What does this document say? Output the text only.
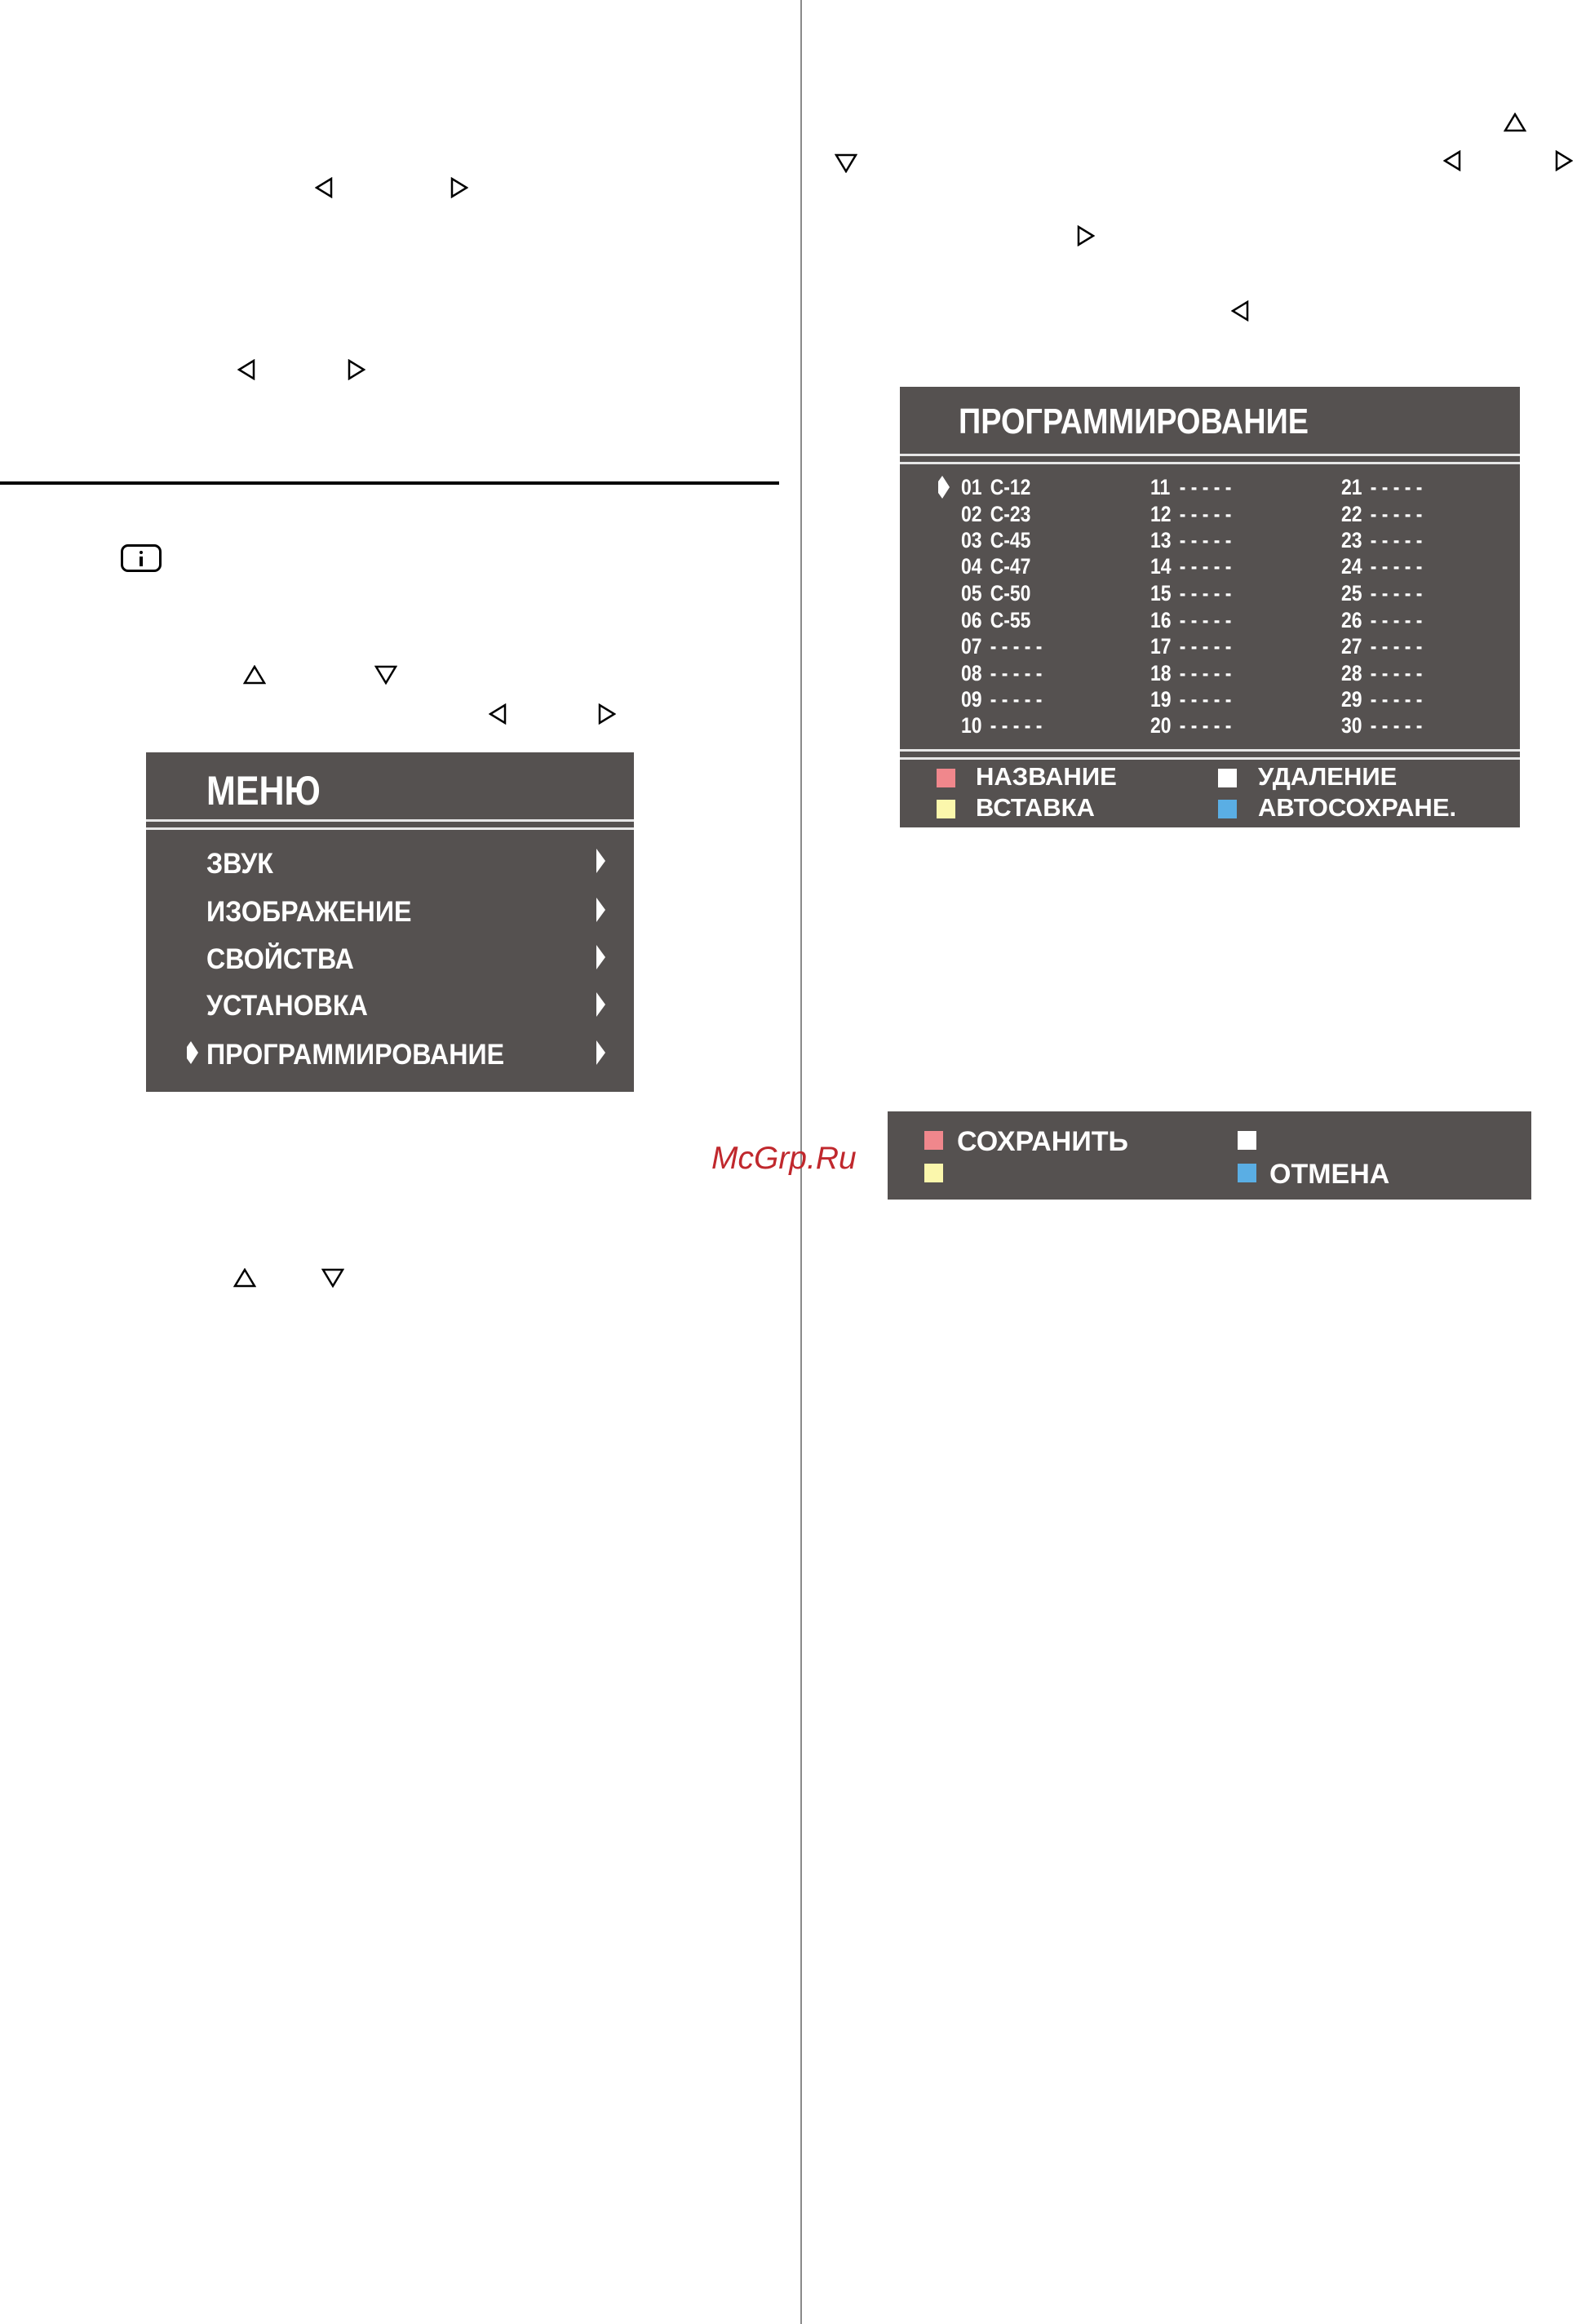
МЕНЮ
ЗВУК
ИЗОБРАЖЕНИЕ
СВОЙСТВА
УСТАНОВКА
ПРОГРАММИРОВАНИЕ
ПРОГРАММИРОВАНИЕ
01 C-12
02 C-23
03 C-45
04 C-47
05 C-50
06 C-55
07 - - - - -
08 - - - - -
09 - - - - -
10 - - - - -
11 - - - - -
12 - - - - -
13 - - - - -
14 - - - - -
15 - - - - -
16 - - - - -
17 - - - - -
18 - - - - -
19 - - - - -
20 - - - - -
21 - - - - -
22 - - - - -
23 - - - - -
24 - - - - -
25 - - - - -
26 - - - - -
27 - - - - -
28 - - - - -
29 - - - - -
30 - - - - -
НАЗВАНИЕ	УДАЛЕНИЕ
ВСТАВКА	АВТОСОХРАНЕ.
СОХРАНИТЬ
ОТМЕНА
McGrp.Ru
